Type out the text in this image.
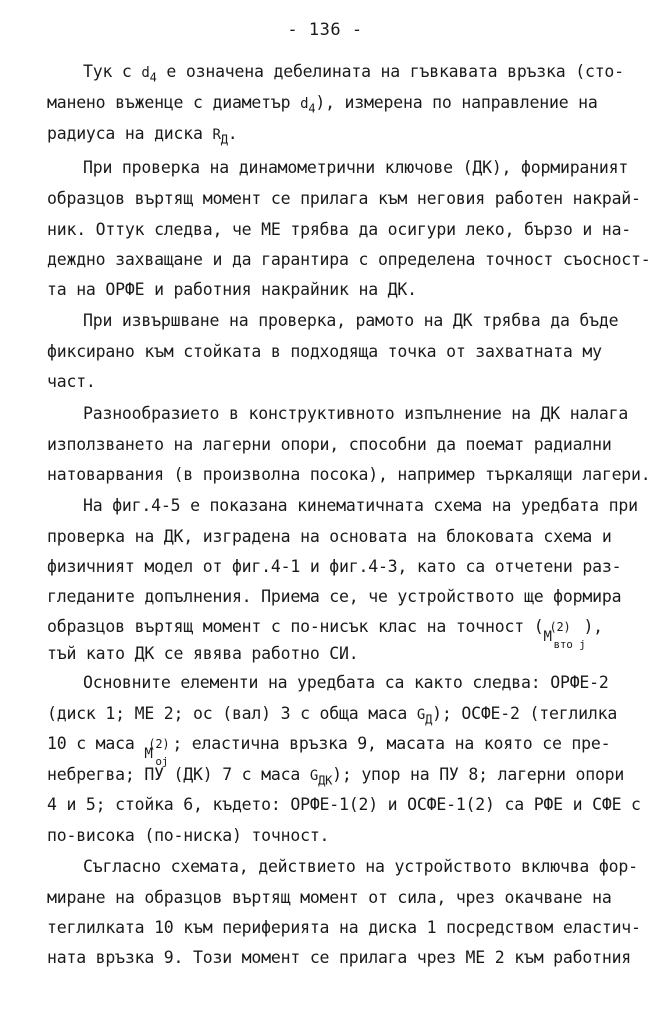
- 136 -
Тук с $d_4$ е означена дебелината на гъвкавата връзка (сто-
манено въженце с диаметър $d_4$), измерена по направление на
радиуса на диска $R_Д$.
При проверка на динамометрични ключове (ДК), формираният
образцов въртящ момент се прилага към неговия работен накрай-
ник. Оттук следва, че МЕ трябва да осигури леко, бързо и на-
деждно захващане и да гарантира с определена точност съосност-
та на ОРФЕ и работния накрайник на ДК.
При извършване на проверка, рамото на ДК трябва да бъде
фиксирано към стойката в подходяща точка от захватната му
част.
Разнообразието в конструктивното изпълнение на ДК налага
използването на лагерни опори, способни да поемат радиални
натоварвания (в произволна посока), например търкалящи лагери.
На фиг.4-5 е показана кинематичната схема на уредбата при
проверка на ДК, изградена на основата на блоковата схема и
физичният модел от фиг.4-1 и фиг.4-3, като са отчетени раз-
гледаните допълнения. Приема се, че устройството ще формира
образцов въртящ момент с по-нисък клас на точност ( (2)
M вто j
),
тъй като ДК се явява работно СИ.
Основните елементи на уредбата са както следва: ОРФЕ-2
(диск 1; МЕ 2; ос (вал) 3 с обща маса $G_Д$); ОСФЕ-2 (теглилка
10 с маса (2)
M oj
; еластична връзка 9, масата на която се пре-
небрегва; ПУ (ДК) 7 с маса $G_{ДК}$); упор на ПУ 8; лагерни опори
4 и 5; стойка 6, където: ОРФЕ-1(2) и ОСФЕ-1(2) са РФЕ и СФЕ с
по-висока (по-ниска) точност.
Съгласно схемата, действието на устройството включва фор-
миране на образцов въртящ момент от сила, чрез окачване на
теглилката 10 към периферията на диска 1 посредством еластич-
ната връзка 9. Този момент се прилага чрез МЕ 2 към работния
